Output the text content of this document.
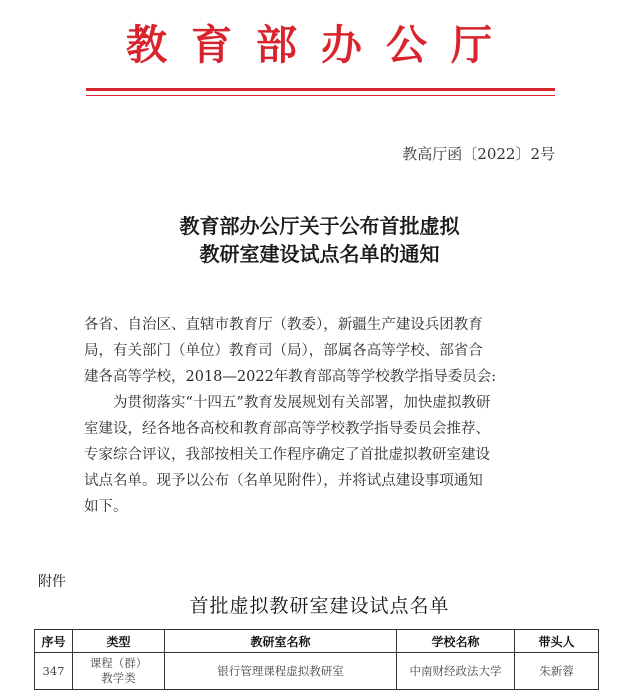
教育部办公厅
教高厅函〔2022〕2号
教育部办公厅关于公布首批虚拟
教研室建设试点名单的通知

各省、自治区、直辖市教育厅（教委），新疆生产建设兵团教育

局，有关部门（单位）教育司（局），部属各高等学校、部省合

建各高等学校，2018—2022年教育部高等学校教学指导委员会:

为贯彻落实“十四五”教育发展规划有关部署，加快虚拟教研

室建设，经各地各高校和教育部高等学校教学指导委员会推荐、

专家综合评议，我部按相关工作程序确定了首批虚拟教研室建设

试点名单。现予以公布（名单见附件），并将试点建设事项通知

如下。

附件
首批虚拟教研室建设试点名单
序号	类型	教研室名称	学校名称	带头人
347	课程（群）
教学类	银行管理课程虚拟教研室	中南财经政法大学	朱新蓉
